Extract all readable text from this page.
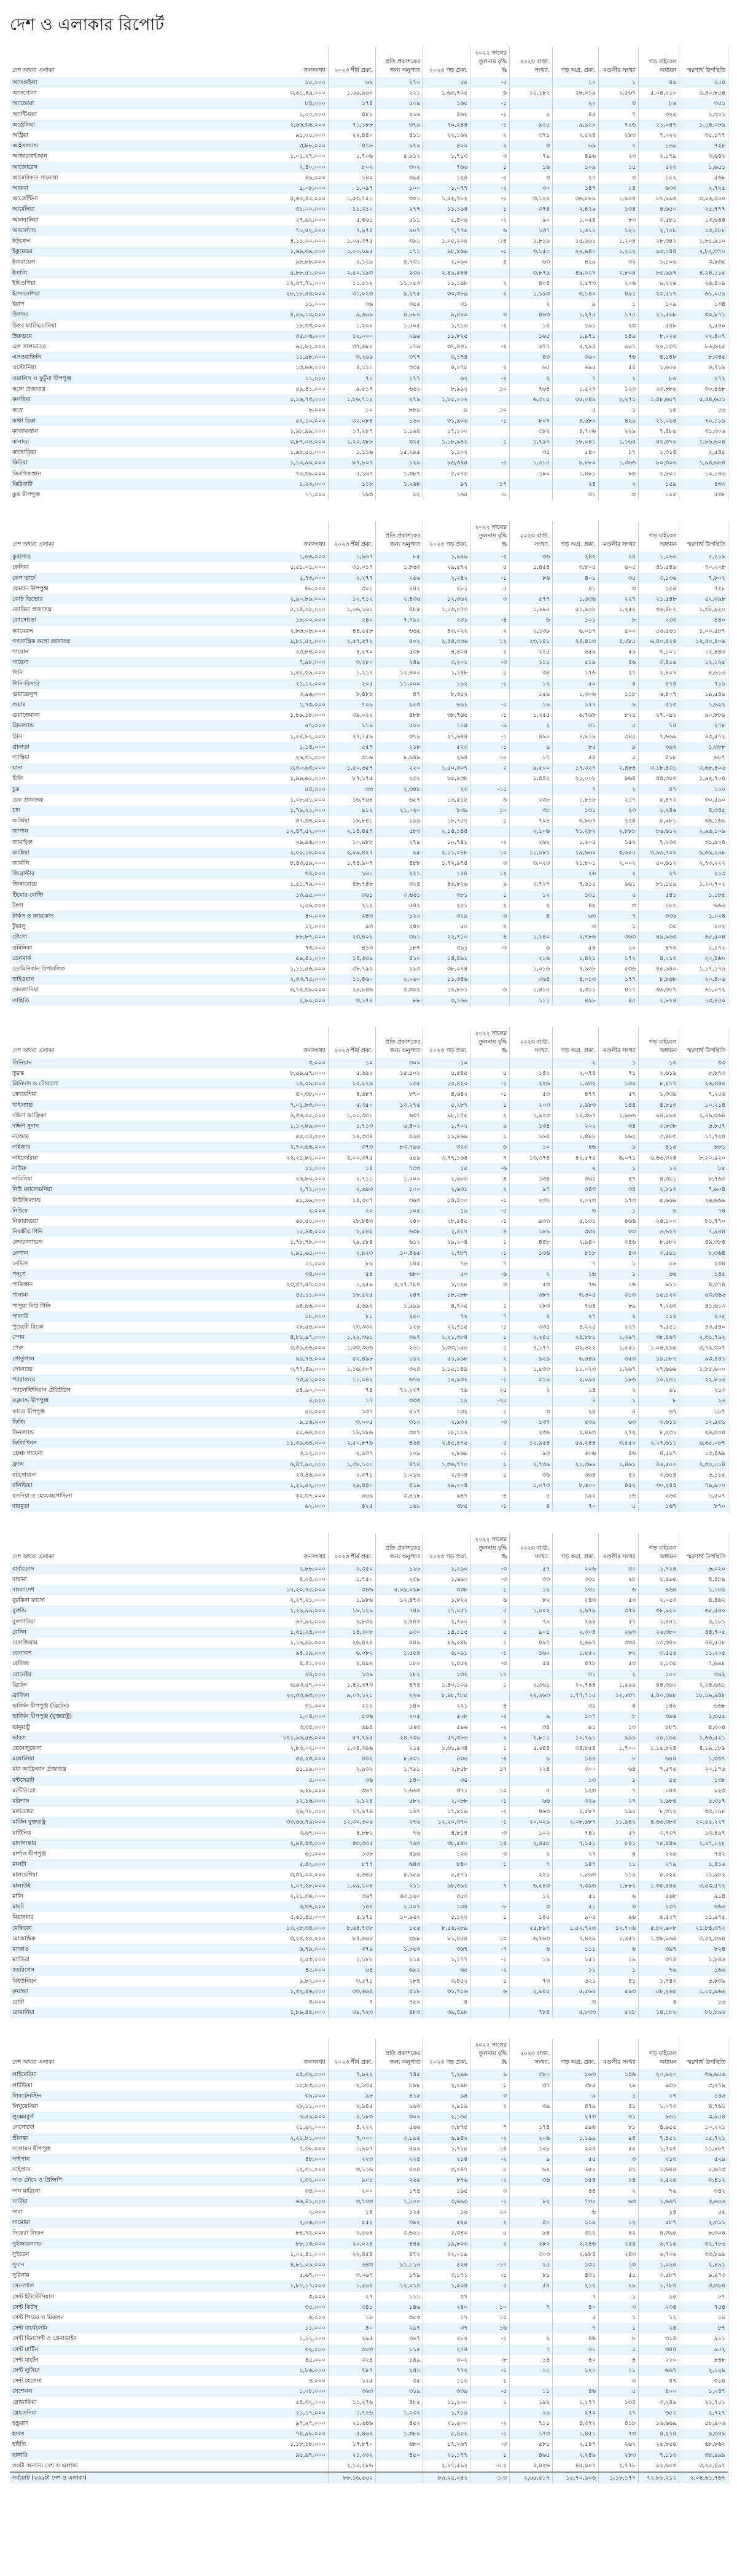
দেশ ও এলাকার রিপোর্ট
দেশ অথবা এলাকা	জনসংখ্যা	২০২৩ শীর্ষ প্রকা.	প্রতি প্রকাশকের জন্য অনুপাত	২০২৩ গড় প্রকা.	২০২২ সালের তুলনায় বৃদ্ধি %	২০২৩ বাপ্তা. সংখ্যা.	গড় অগ্র. প্রকা.	মণ্ডলীর সংখ্যা	গড় বাইবেল অধ্যয়ন	স্মরণার্থ উপস্থিতি
অ্যাংগুইলা	১৫,০০০	৬২	২৭০	৫৫	-৫		১০	১	৪৫	২৫৪
অ্যাংগোলা	৩,৬১,৪৯,০০০	১,৬৯,৯৬০	২২১	১,৬৩,৭০৫	৬	১২,১৮২	২৮,০১৯	২,৫৬৭	৫,০৪,২১০	৬,৪০,৮৫৪
অ্যান্ডোরা	৮৪,০০০	১৭৪	৫০৯	১৬৫	-১		২০	৩	৮৬	৩৫১
অ্যান্টিগুয়া	১,০০,০০০	৪৮১	২১৬	৪৬২	-১	৫	৪৫	৭	৩২৫	১,৩০১
অস্ট্রেলিয়া	২,৬৬,৩৬,০০০	৭১,১৮৮	৩৭৯	৭০,২৪৪	-১	৯২৫	৯,৯২০	৭২৬	২১,০৪৭	১,১৪,০৮৯
অস্ট্রিয়া	৯১,০৫,০০০	২২,৪৪০	৪১১	২২,১৬২	২	৩৭১	২,৫২৪	২৮৩	৭,০২২	৩৫,১৭৭
আইসল্যান্ড	৩,৮৮,০০০	৪১৮	৯৭০	৪০০	২	৩	৬৯	৭	১৬৯	৭২৮
আজারবাইজান	১,০১,২৭,০০০	১,৭০৬	৫,৯১২	১,৭১৩	৩	৭৯	৪৯৬	২৩	২,১৭৯	৩,৬৪২
আজোরেস	২,৪০,০০০	৮০২	৩০২	৭৬৬	১	১৬	১০৯	১৫	৫২৩	১,৬৫১
আমেরিকান সামোয়া	৪৯,০০০	১৪০	৩৯৫	১২৪	-৫	৩	২৭	৩	১৫২	৫৬৮
আরুবা	১,০৮,০০০	১,০৯৭	১০০	১,০৭৭	-২	৩০	১৪৭	১৪	৬৩৩	২,৭২৫
আর্জেন্টিনা	৪,৬০,৪৫,০০০	১,৫৩,৭৫১	৩০১	১,৫২,৭৮২	-১	৩,১২০	৩৬,৮৮৯	১,৯০৪	৮৭,৮৯৩	৩,০৬,৪০০
আর্মেনিয়া	৩১,০০,০০০	১১,৩১০	২৭৭	১১,১৯৪	১	৩৭৪	২,৪২৯	১৩৪	৪,৬৫০	২৫,৭৭৭
আলবানিয়া	২৭,৬২,০০০	৫,৪৬১	৫১১	৫,৪০৬	-২	৯০	১,০৫৪	৮৩	৩,৫৮১	১৩,৬৪৪
আয়ার্ল্যান্ড	৭০,৫২,০০০	৭,৯৭৪	৯০৭	৭,৭৭৫	৬	১৩৭	১,৬১০	১২১	২,৭০৮	১৩,৪৮৮
ইউক্রেন	৪,১১,০০,০০০	১,০৯,৩৭৫	৩৯১	১,০৫,২০৫	-১৪	১,৮১৯	১৫,৯৬১	১,২০৪	২৮,৩৪২	১,৮৫,৯১০
ইকুয়েডর	১,৬৯,৩৯,০০০	১,০০,১৯৫	১৭১	৯৮,৮৬৯	-১	৩,১৫০	২২,৯৪০	১,২১২	৯৩,০৪৪	২,৮২,৩৭০
ইজরায়েল	৯৮,৮৮,০০০	২,১২৯	৪,৭৩১	২,০৯০	৪	৬৩	৪২৯	৩২	১,১০৬	৩,৮৩৫
ইতালি	৫,৮৮,৫১,০০০	২,৫০,১৯৩	২৩৬	২,৪৯,৫৪৪		৩,৮৭৯	৪৯,০২৭	২,৮০৪	৮৫,৯৯৭	৪,২৪,১১৫
ইথিওপিয়া	১২,৩৭,৭১,০০০	১১,৫১২	১১,০৫৩	১১,১৯৮	২	৪০৪	২,৫৭৩	২০৬	৯,২২৬	২৬,৪০৯
ইন্দোনেশিয়া	২৮,১৮,৪৪,০০০	৩১,০২৩	৯,২৭৫	৩০,৩৮৯	২	১,১৯৩	৬,১৪০	৪৯১	২৩,৫১৭	৬১,০৫৯
ইয়াপ	১১,০০০	৩৬	৩৫৫	৩১		২	৯	১	১০৯	১৩৪
উগান্ডা	৪,৫৯,১০,০০০	৯,৬৬৯	৪,৮৮৪	৯,৪০০	৩	৪৬৩	১,২৭৫	১৭৫	২১,৫৯৮	৩০,৮৭১
উত্তর ম্যাসিডোনিয়া	১৮,৩৩,০০০	১,২০০	১,৫০৫	১,২১৬	-২	১৪	১৯১	২৩	৫৪৮	২,৫৪০
উরুগুয়ে	৩৫,০৬,০০০	১২,০০০	২৯৬	১১,৮২৫		১৬৫	১,৯৭১	১৪৯	৮,০২৬	২২,৪০৭
এল সালভাডর	৬৫,৮২,০০০	৩৭,৬৮০	১৭৬	৩৭,৪৩১	-২	৬৭৭	৫,২৯৪	৬০৭	২০,১৩৭	৮৬,৬২৫
এসওয়াতিনি	১১,৯৮,০০০	৩,২৬৯	৩৭৭	৩,১৭৪		৪৩	৩৬০	৭৬	৪,১৪৮	৮,৩৪৫
এস্টোনিয়া	১৩,৬৬,০০০	৪,১১০	৩৩৫	৪,০৭৫	২	৬৫	৬৯৫	৫৪	১,৬০৬	৬,৭১৯
ওয়ালিস ও ফুটুনা দ্বীপপুঞ্জ	১১,০০০	৭০	১৭৭	৬২	-২	২	৭	২	৮৬	২৭২
কঙ্গো প্রজাতন্ত্র	৫৯,৪১,০০০	৯,৫১৭	৬৬১	৮,৯৯২	১০	৭৬৪	১,৫২৭	১২৩	২৩,৮৮৫	৩০,৪৬৮
কলম্বিয়া	৫,১৬,৭৩,০০০	১,৮৬,৭১২	২৭৯	১,৮৫,০০২		৬,৩০৫	৩৫,০৪৯	২,২৭১	১,৪৮,৬৫৭	৫,৪৪,৬৫১
কস্রে	৮,০০০	১০	৮৮৯	৯	১০		৫	১	১৫	৫৬
কস্টা রিকা	৫২,১০,০০০	৩২,০৮৪	১৬০	৩১,৯০৬	-১	৮০৭	৪,৬৮০	৪২৯	২১,০৯৪	৭০,১১৯
কাজাকস্তান	১,৯৮,৯৯,০০০	১৭,২৮৭	১,১৬৪	১৭,১০০		৩৮২	৪,৭০৬	২২৯	৭,৪৮৫	৩১,৩০৬
কানাডা	৩,৮৭,০৪,০০০	১,২০,৩৮৮	৩২৫	১,১৮,৯৪২	১	১,৭৯৭	১৮,০৪১	১,১৬৪	৪২,৩৭০	১,৮৯,৬০৪
কাম্বোডিয়া	১,৬৮,৫৫,০০০	১,১১৬	১৫,২৯৫	১,১০২		৩৫	৫৪০	১৭	১,৩১৪	২,৫৪৫
কিউবা	১,১০,৯০,০০০	৮৭,৯০৭	১২৯	৮৬,৩৪৪	-৫	১,৬১৫	৮,৮৮০	১,৩৬৬	৮০,৩০৬	১,৯৪,৬৮৪
কিরগিজস্তান	৭০,৩৮,০০০	৫,১৬৭	১,৩৮৭	৫,০৭৩		১৮০	১,৪৮১	৮৬	২,৮০১	১০,১৪৬
কিরিবাটি	১,২৩,০০০	১১৮	১,২৬৮	৯৭	১৭		২৪	২	১৫৯	৪৩৩
কুক দ্বীপপুঞ্জ	১৭,০০০	১৯৩	৯২	১৬৪	-৮		৩১	৩	১০৫	৫৩৮
দেশ অথবা এলাকা	জনসংখ্যা	২০২৩ শীর্ষ প্রকা.	প্রতি প্রকাশকের জন্য অনুপাত	২০২৩ গড় প্রকা.	২০২২ সালের তুলনায় বৃদ্ধি %	২০২৩ বাপ্তা. সংখ্যা.	গড় অগ্র. প্রকা.	মণ্ডলীর সংখ্যা	গড় বাইবেল অধ্যয়ন	স্মরণার্থ উপস্থিতি
কুরাসাও	১,৬৬,০০০	১,৯৬৭	৮৫	১,৯৪৯	-২	৩৬	২৪২	২৪	১,০৬০	৫,২১৯
কেনিয়া	৫,৫১,০১,০০০	৩১,০১৭	১,৮৬৩	২৯,৫৭২	৫	১,৪৫৪	৩,৮০৫	৬০৫	৪১,৫৪৯	৭০,২২৮
কেপ ভার্দে	৫,৭৩,০০০	২,২৭৭	২৫৬	২,২৪২	-১	৮৬	৪০১	৩৫	৩,১৩৬	৭,৮০২
কেম্যান দ্বীপপুঞ্জ	৬৮,০০০	৩০১	২৪২	২৮১	৫		৪১	৩	১৫৪	৭২৮
কোট ডিভোর	২,৯০,৮৯,০০০	১২,৭১২	২,৪৩৬	১২,৩৬২	৩	৫৭৭	১,৬৩৬	২২৭	২১,৫৪৮	৫২,৩৯৮
কোরিয়া প্রজাতন্ত্র	৫,১৪,০৮,০০০	১,০৬,১৬১	৪৮৫	১,০৬,০৭৩		১,৬৯৫	৫১,৯০৮	১,২৫২	৩৬,৪৮২	১,৩৮,৯২০
কোসোভো	১৮,০০,০০০	২৪০	৭,৭৯২	২৩১	-৪	৬	১০১	৮	২৩৩	৪৪০
ক্যামেরুন	২,৮৬,০৮,০০০	৪৪,৫৫৮	৬৬৫	৪৩,০২২	২	২,১৩৯	৬,০১৭	৫০০	৫৬,৫৬১	১,০০,৫৮৭
গণতান্ত্রিক কঙ্গো প্রজাতন্ত্র	৯,৮১,৫২,০০০	২,৫৭,৬৭২	৪০২	২,৪৪,৩৩৬	১২	২৩,১৪১	২৪,৪১৩	৪,৩৮৫	৬,৪০,৪২৪	১২,৪০,৪০৯
গাবোন	২৩,৮৪,০০০	৪,৫৭০	৫৩৮	৪,৪০৪	২	২২৫	৬৫৯	৫৯	৭,১০১	১২,৪৪৬
গায়েনা	৭,৯৮,০০০	৩,২৮০	২৪৯	৩,২০১	-৩	১১১	৫১৯	৪৬	৩,৪৫৫	১২,১২৫
গিনি	১,৪২,৩৯,০০০	১,২১৭	১২,৪০০	১,১৪৮	৫	৩৪	১৭৬	২৭	২,৪০৭	৪,৬১৬
গিনি-বিসাউ	২১,১২,০০০	২০৫	১১,০০০	১৯২	-১	১২	৫০	৪	৪৭৪	৭১৯
গুয়াডেলুপ	৩,৯৬,০০০	৮,৪৮৮	৪৭	৮,৩৫২		১৫৯	১,৩০৬	১১৮	৬,৪০৭	১৯,৫৪৯
গুয়াম	১,৭৩,০০০	৭০৯	২৫৩	৬৯২	-৫	১৯	১৭৭	৯	৫১৩	১,৬২২
গুয়াতেমালা	১,৮৯,১৮,০০০	৩৯,০২২	৪৮৮	৩৮,৭৬৫	-১	১,২৫৫	৬,৭৬৮	৮২৫	২৭,০৯১	৯০,৮৮৯
গ্রিনল্যান্ড	৫৭,০০০	১১৯	৫০০	১১৪	-৯	২	৩১	৫	৭৪	২৭৮
গ্রিস	১,০৪,৮২,০০০	২৭,৭৫৯	৩৭৯	২৭,৬৪৪	-১	৪৯০	৪,৮১৯	৩৪৫	৭,৬৬৯	৪৩,৫৭২
গ্রানাডা	১,১৪,০০০	৫৫৭	২১৮	৫২৩	-১	৯	৮৫	৯	৩৯৩	১,৩৮৮
গ্যাম্বিয়া	২৬,৩১,০০০	৩১৬	৮,৯৪৯	২৯৪	১০	১৭	৫৪	৫	৪১৮	৬৮৭
ঘানা	৩,৩০,৬৩,০০০	১,৫০,৬৫৭	২২০	১,৫০,৩০৭	২	৯,৫০০	১৭,৩২৭	২,৪৮৪	৩,১৮,৪৩১	৩,৬৮,৪০৬
চিলি	১,৯৯,৬১,০০০	৮৭,১৭৫	২৩২	৮৫,৯৩৮		১,৪৪২	২১,০০৮	৯৬৪	৪৪,৩৫৩	১,৯২,৭০৪
চুক	৫৪,০০০	৩৩	২,৩৪৮	২৩	-১৫		৭	২	৪৭	১০০
চেক প্রজাতন্ত্র	১,০৮,৫১,০০০	১৬,৭৬৪	৬৫৭	১৬,৫১৫	৬	২৩৮	১,৮১৮	২১৭	৫,৪৭২	৩০,৫৯০
চাদ	১,৭৯,২১,০০০	৯১২	২১,০৬০	৮৩৯	১০	৩৮	১৩১	২৩	১,২৪৬	৪,৩৪৫
জর্জিয়া	৩৭,৩৬,০০০	১৮,৮৪১	১৯৯	১৮,৭৫২	১	৭০৪	৩,৮৬৭	২২৪	৫,০৮১	৩৪,১৬৯
জাপান	১২,৪৭,৫২,০০০	২,১৪,৪৫৭	৫৮৩	২,১৪,১৪৪		২,১০৬	৭১,২৮২	২,৮৮৮	৮৬,৬১২	২,৯৬,১০৯
জামাইকা	২৯,৯৬,০০০	১০,৯৮৮	২৭৯	১০,৭৪১	-২	২৬২	১,৫০৫	১৫২	৭,২৩৩	৩১,৯২৪
জাম্বিয়া	২,০০,১৮,০০০	২,০৯,৪২৭	৯৫	২,১১,০৪৮	১০	১১,০৮১	১৯,৯৬০	৩,৬০৫	৩,৯৬,৭০০	৯,৬৯,২৯৮
জার্মানি	৮,৪৩,৫৯,০০০	১,৭৪,৯০৭	৪৮৮	১,৭২,৯৭৪	৩	৩,০২৩	২১,৮০১	২,০০২	৫০,৬১২	২,৭৩,২২২
জিব্রাল্টার	৩৪,০০০	১৬১	২২১	১৫৪	১২		২৬	২	২৭	২১৩
জিম্বাবোয়ে	১,৫১,৭৯,০০০	৪৮,৭৪৮	৩২৪	৪৬,৮২৬	৯	২,৭২৭	৭,৬১৫	৯৬১	৮১,১৫৯	১,২০,৭০২
টিমোর-লেস্টি	১৩,৯৫,০০০	৩৬১	৩,৬৬১	৩৮১	১	১২	১৩১	৫	৫৪১	১,১৮৫
টংগা	১,০৯,০০০	২১২	৫৪২	২০১	২	২	৪২	৩	১৮০	৬৬৬
টার্কস ও কায়কোস	৪০,০০০	৩৪৩	১২২	৩২৯	৩	৪	৬৩	৭	৩৩৬	১,০২৪
টুভালু	১২,০০০	৯৩	২৪০	৫০	২		৩	১	৩৫	২০২
টোগো	৮৮,৮৭,০০০	২৩,৪০২	৩৯১	২২,৭১০	৪	১,১৪০	২,৭৮৬	৩৬৩	৪৯,৯৬৩	৬৫,৫০৪
ডমিনিকা	৭৩,০০০	৪১৩	১৮৭	৩৯১	-৩	৬	৫৪	১০	৪৭৩	১,২৭২
ডেনমার্ক	৫৯,৪১,০০০	১৪,৬৩৯	৪১০	১৪,৪৯১		২১৬	১,৪২১	১৭২	৪,০১৩	২০,৪৬০
ডোমিনিকান রিপাবলিক	১,১১,৫৬,০০০	৩৮,৭৯২	২৯৩	৩৮,০৭৪		১,০১৬	৭,৯৩৮	৫৩৬	৪৫,৯৪০	১,১৭,১৭৬
তাইওয়ান	২,৩৩,৭৫,০০০	১১,৪৬০	২,০৬০	১১,৩৪৬		৩৬৪	৪,০১৩	১৭৭	৮,৮৬৮	২০,৪০৬
তানজানিয়া	৬,৭৪,৩৮,০০০	২০,৮৪৬	৩,৩৯২	১৯,৮৮১	৬	১,৪১৫	২,৩১১	৪১৭	৩৬,৩৫৭	৬১,০৭২
তাহিতি	২,৮০,০০০	৩,১৭৪	৮৮	৩,১৬৬		১১১	৪৯৮	৪৫	২,৮৭৪	১৩,৪৫০
দেশ অথবা এলাকা	জনসংখ্যা	২০২৩ শীর্ষ প্রকা.	প্রতি প্রকাশকের জন্য অনুপাত	২০২৩ গড় প্রকা.	২০২২ সালের তুলনায় বৃদ্ধি %	২০২৩ বাপ্তা. সংখ্যা.	গড় অগ্র. প্রকা.	মণ্ডলীর সংখ্যা	গড় বাইবেল অধ্যয়ন	স্মরণার্থ উপস্থিতি
তিনিয়ান	৩,০০০	১০	৩০০	১০			২	১	১৩	৩৩
তুরস্ক	৮,৫৯,৫৭,০০০	৫,৬৯২	১৫,৫০২	৫,৫৪৫	৫	১৪২	২,০৭৪	৭১	২,৬১৯	৮,৮৭৩
ত্রিনিদাদ ও টোবাগো	১৪,০৯,০০০	১০,৫২৯	১৩৫	১০,৪২০	-১	২২৬	১,৬৩২	১৩০	৮,২৭৭	২৬,৩৪০
ক্রোয়েশিয়া	৪০,৩৮,০০০	৪,৬৮৭	৮৭০	৪,৬৪২	-১	৫৩	৪৭৭	৫৭	১,৩৩৯	৭,২৫৬
থাইল্যান্ড	৭,০১,৮৩,০০০	৫,৩৫০	১৩,২৭৫	৫,২৮৭	১	২০৩	১,৯৮৩	১৪৪	৪,৮১৩	১০,২১৪
দক্ষিণ আফ্রিকা	৬,৩৬,০৫,০০০	১,০০,৩৩১	৬৩৭	৯৮,১৭৫	২	১,৯২৩	১৪,৩৬৭	১,৯৬৬	৯৪,৮৯৩	২,৪৯,৩৬৪
দক্ষিণ সুদান	১,১০,৮৯,০০০	১,৭১৩	৬,৪০২	১,৭০২	৯	১৩৪	২০২	৩৪	৩,৮৩৮	৬,৮৫৭
নরওয়ে	৫৫,০৪,০০০	১২,৩৩৪	৪৬৪	১১,৮৬৯	১	১৬৪	১,৪৮৮	১৬২	৩,৪৮৩	১৭,৭২৪
নাইজার	২,৭০,৬৬,০০০	৩৭৩	৮৩,৭৯৬	৩২৩	৬	১০	৪৬	৯	৪১৫	৮৮১
নাইজেরিয়া	২২,২১,৮২,০০০	৪,০০,৩৭৫	৫৫৯	৩,৭৭,১৬৪	৭	১৩,৩৭৪	৪২,৫৭৫	৬,০৭১	৬,৬৬,৩২৪	৮,২০,৯২০
নাউরু	১১,০০০	১৪	৭৩৩	১৫	-৬		২	১	১২	৮৫
নামিবিয়া	২৬,৮০,০০০	২,৭১১	১,০০০	২,৬০৩	৪	১৩৪	৩৬২	৪৭	৪,৩৯১	৮,৭৬৩
নিউ ক্যালেডনিয়া	২,৭১,০০০	২,৬৯৩	১০০	২,৬৩১	২	৯৭	৩৪৩	৩৪	২,৮১৩	৭,৬০৪
নিউজিল্যান্ড	৫১,৯৯,০০০	১৪,৩০৭	৩৬৩	১৪,৪০০	-১	২৩৮	২,০২৩	১৭৩	৫,৬৬৯	২৬,৬৬৯
নিউয়ে	২,০০০	২০	১০৫	১৯	-৫		৩	১	৬	৭৪
নিকারাগুয়া	৬৮,৫৫,০০০	২৮,৮৪৩	২৪০	২৮,৫৪৫	-১	৯৩৩	৫,১৩১	৪৬৬	২৪,১০০	৮১,৭৭০
নিরক্ষীয় গিনি	১৫,৪৩,০০০	২,৫৪২	৬৩৮	২,৪১৭	৪	১৮৯	৩৩৪	৩৩	৬,৬২৭	৭,৯৪৪
নেদারল্যান্ডস	১,৭৮,৭৮,০০০	২৯,৫৮৪	৬১২	২৯,২০৪	১	৪৪৮	২,৯৪০	৩৪৬	৮,৯৮২	৪৯,৩৮৪
নেপাল	২,৯১,৬৫,০০০	২,৮২৩	১০,৪৬৫	২,৭৮৭	-১	১৩৬	৮১৮	৪৩	৩,৫৯১	৮,৩৬৪
নেভিস	১১,০০০	৮৯	১৪৫	৭৬	৭		৭	১	৫৬	২৩৪
পন্‌পে	৩৪,০০০	৫৪	৬৮০	৫০	-৬	২	১৬	১	৬৬	১৪৫
পাকিস্তান	২৩,৩৭,৫৭,০০০	১,২৫৯	২,০৭,৭৮৪	১,১২৫	৩	৫৩	৭৬	১৬	৯১১	৪,৩৭৪
পানামা	৪৫,১১,০০০	১৮,৫২৫	২৪৭	১৮,২৮৮		৬৮৭	৩,৬০৫	৩১৩	১৫,১২৩	৫৩,৩৬৬
পাপুয়া নিউ গিনি	৯৪,৬৬,০০০	৫,৬৯২	১,৯৯৯	৪,৭০৫	১	২৮৩	৭৬৪	৮৯	৭,২৬৩	৪১,৬১৩
পালাউ	১৮,০০০	৮১	২৫০	৭২	৭	২	২৭	২	১১২	২০৫
পুয়ের্টো রিকো	২৮,৫৪,০০০	২৩,৩৩২	১২৬	২২,৭১৫	-১	৩৩৫	৪,২২৫	২২৭	৭,৫৫১	৪৩,৫৪০
স্পেন	৪,৮১,৯৭,০০০	১,২২,৩৬১	৩৯৭	১,২১,৩৮৪	১	২,২৪৫	২৪,৮৮১	১,৩৯৭	৩৮,৪৬৭	২,৩১,৭৯২
পেরু	৩,৩৯,৬৬,০০০	১,৩৩,৩৬৬	২৬১	১,৩৩,১৫৬	১	৪,১৭৭	৩২,৬২২	১,৫৫১	১,০৪,২৯৫	৩,৭২,৩০৭
পোর্তুগাল	৯৯,৭৪,০০০	৫২,৪৯৮	১৯২	৫১,৯৯৮	২	৯২৯	৬,৬৪৯	৬৫৩	১৯,১৮২	৯৩,৪৪১
পোল্যান্ড	৩,৭৭,৪৯,০০০	১,১৬,৩০৭	৩২৪	১,১৫,১৪৯	২	১,৫৩৩	১১,০২৩	১,২৬৭	২৭,৬৬৬	১,৮৫,৬০০
প্যারাগুয়ে	৭৩,৯১,০০০	১১,০৪২	৬৭৬	১০,৯৩২	-১	৩১৯	২,০৯৪	১৮৬	১০,২৬১	২২,৮১৬
প্যালেস্টিনিয়ান টেরিটরিস	৫৪,৯০,০০০	৭৪	৭২,২৩৭	৭৬	২৫	২	১৪	২	৬১	২১৩
ফক্ল্যান্ড দ্বীপপুঞ্জ	৪,০০০	১৭	৩৩৩	১২	-২৫		৪	১	৮	১৬
ফারো দ্বীপপুঞ্জ	৫৫,০০০	১৩৭	৪১৭	১৩২	১	৩	২৪	৪	৬৭	১৮৭
ফিজি	৯,১৬,০০০	৩,০০৫	৩১২	২,৯৩২	-৩	১৩৭	৫৩৯	৬৩	৩,৬১১	১২,৯৩১
ফিনল্যান্ড	৫৫,৬৪,০০০	১৮,১৮৬	৩০৭	১৮,১১২		২৩৯	২,৪৯৩	২৭২	৮,২৩১	২৬,৩০৪
ফিলিপিনস	১১,৩৯,৬৪,০০০	২,৫০,৮৭৬	৪৬৪	২,৪৫,৪৭৫	৫	১২,৯৫৪	৫৯,২৪৪	৩,৫৫২	২,২৭,৬১১	৬,৬৫,০৮৭
ফ্রেঞ্চ গায়েনা	৩,১২,০০০	২,৯৩৭	১০৯	২,৮৬৯	-১	৯৩	৬০৬	৪৬	৪,৫৯৭	১৩,৪৬৯
ফ্রান্স	৬,৪৭,৯০,০০০	১,৩৮,১০০	৪৭৪	১,৩৬,৭৭০	১	২,৭৩৯	২১,৩৬৯	১,৪৬১	৪৬,৫০০	২,৩০,০১৪
বটসোয়ানা	২৩,৪৬,০০০	২,৩৭১	১,০১৬	২,৩০৪	১	৩৬	৩৬৪	৪২	৩,৬৫৪	৬,১১৫
বলিভিয়া	১,২১,৫২,০০০	২৯,৪৪০	৪১৯	২৯,০০৪		১,০৭৩	৮,৬০০	৪৫২	৩০,২৪৪	৭৯,৯০০
বসনিয়া ও হেরজেগোভিনা	৩২,৩৭,০০০	৯৬৯	৩,৪১৮	৯৪৭	-৪	৫	১৯২	১৬	২৬৩	১,৫০৭
বারমুডা	৬২,০০০	৪২৫	১৬১	৩৮৫	-১	৪	৭০	৫	১৬৭	৮৭০
দেশ অথবা এলাকা	জনসংখ্যা	২০২৩ শীর্ষ প্রকা.	প্রতি প্রকাশকের জন্য অনুপাত	২০২৩ গড় প্রকা.	২০২২ সালের তুলনায় বৃদ্ধি %	২০২৩ বাপ্তা. সংখ্যা.	গড় অগ্র. প্রকা.	মণ্ডলীর সংখ্যা	গড় বাইবেল অধ্যয়ন	স্মরণার্থ উপস্থিতি
বার্বাডোস	২,৮৮,০০০	২,৩৫০	১২৬	২,২৯০	-৩	৫৭	২০৬	৩০	১,৭২৪	৬,০২০
বাহামা	৪,০৪,০০০	১,৭৫০	২৩৯	১,৬৯০	-৩	৩৩	৩৩১	২৮	১,৫৯৫	৪,৪৮৯
বাংলাদেশ	১৭,২০,৭৫,০০০	৩৪৬	৫,০৯,০৯৮	৩৩৮	১	১২	১৩১	৬	৪৬৪	১,১৮৯
বুরকিনা ফাসো	২,২৭,২১,০০০	১,৯৮৬	১২,৪৭৩	১,৮২২	৬	৮২	২৪৩	৫৩	২,০৫৩	৪,৪৬২
বুরুন্ডি	১,২৯,৯৯,০০০	১৮,১২৯	৭৪৯	১৭,০৫১	৫	১,০০২	২,৯৭৯	৩৭৪	৩৮,৯২০	৬৫,৫৪০
বুলগারিয়া	৬৭,৯২,০০০	২,৮৩২	২,৪৪৩	২,৭৮০	৪	৭৯	৭৯৪	৫৭	১,৪৪১	৬,১৮১
বেনিন	১,৩১,২৪,০০০	১৪,৩০৮	৯৩০	১৪,১১৫	৫	৯০১	২,৩০৪	২৬৩	২৬,৩৮০	৪৪,৭০৫
বেলজিয়াম	১,১৬,৯৮,০০০	২৬,৪২৪	৪৪৯	২৬,০৪৮	১	৪৯৭	২,৬৯৭	৩৩৪	১৩,৩৪০	৪৪,৫৫৮
বেলারুশ	৯৪,১৯,০০০	৬,০৮২	১,৫৫৪	৬,০৯১	-১	১৬০	১,৫৫২	৮২	৩,৫৫৬	১১,২০৫
বেলিজ	৪,৪১,০০০	২,৪৯২	১৮০	২,৪৫২	-৩	৫৪	৪৭৮	৫৩	২,১৩৫	৭,৬৯৮
বোনেইর	২৪,০০০	১৩৯	১৮২	১৩২	১০		৩১	২	১০০	৩৯২
ব্রিটেন	৬,৬৩,৫৭,০০০	১,৪২,৩৭৩	৪৭৪	১,৪০,১০৯	১	২,৩৬১	২০,৭৪৪	১,৫৯৯	৪৪,৩৬২	২,২৪,৬৬১
ব্রাজিল	২০,৩৩,৬৩,০০০	৯,০৭,১২১	২২৬	৮,৯৮,৭৮৫		২২,৬৬৩	১,৭৭,৭১৫	১২,৬৩৭	৫,৪০,৩৯৮	১৮,১৯,৯৪৮
ভার্জিন দ্বীপপুঞ্জ (ব্রিটেন)	৩১,০০০	২২২	১৪০	২২১	৪		৩২	৪	১৪৬	৬৬৮
ভার্জিন দ্বীপপুঞ্জ (যুক্তরাষ্ট্র)	১,০৪,০০০	৫৩৬	২০৫	৫০৮	-২	৯	১০৭	৮	৩৯৬	১,৩৫৫
ভানুয়াটু	৩,৩৪,০০০	৬৯৪	৫৬৩	৫৯৬	-২	৩৪	৯১	১৩	৮৮৭	৪,৩০৪
ভারত	১৪১,৯৬,৫৬,০০০	৫৭,৭৯৫	২৪,৭৩৯	৫৭,৩৮৬	২	২,৮১১	১০,৭৯১	৯৯৯	৫৫,১৯৫	১,৬৬,৫২১
ভেনেজুয়েলা	২,৮৩,০২,০০০	১,৩৪,৩৯৬	২১৫	১,৩১,৯৩৪	১	৫,৬৪৪	৩৪,৮৫৪	১,৭০০	১,১৫,৮২৪	৪,১৯,১৮৯
মঙ্গোলিয়া	৩৪,২৩,০০০	৪৩২	৮,৪৩১	৪৩৬	-৪	৯	১৪৪	৮	৬৪৪	১,৩৩৭
মধ্য আফ্রিকান প্রজাতন্ত্র	৫১,১৯,০০০	২,৯৩২	১,৭৯১	২,৮৫৮	১৭	২২৪	৩০০	৬৪	৭,৫৭৫	২০,১৭৬
মন্টসেরাট	৫,০০০	৩৬	১৪০	৩৫			১৩	১	৫৫	১৩৮
মন্টেনিগ্রো	৬,২৮,০০০	৩৬৭	১,৬৬৩	৩৭১	১০	৫	১২৩	৭	১৪৩	৮২৩
মরিশাস	১২,১৬,০০০	২,১২৪	৫৮২	২,০৮৮	-১	৬৬	৩২৯	২৭	১,৯৮৪	৫,৩১৭
মলডোভা	২৯,৭৮,০০০	১৭,৯৭৯	১৬৭	১৭,৮১৬	-২	৪৬৩	২,৫৮৭	১৯৫	৮,৩৭২	৩৩,১৯৮
মার্কিন যুক্তরাষ্ট্র	৩৩,৬৬,৭৯,০০০	১২,৩০,৬০৯	২৭৬	১২,২০,৩৭০	-১	২০,০২৯	২,০৮,৯৮৭	১১,৯৪২	৪,৬৬,৩৮৩	২০,৫৫,২২৭
মার্টিনিক	৩,৬৭,০০০	৪,৮৮২	৭৬	৪,৮১৪	-৩	১০২	৭৪১	৫৭	৩,৭৩৭	১৩,৪৯৭
মাদাগাস্কার	২,৯৪,৪৩,০০০	৪৩,৩৩৫	৭৬৩	৩৮,৫৪০	১৪	২,৪৫৮	৭,১৫১	৮৪১	৭৫,৪৪৬	১,৫৭,১২৮
মার্শাল দ্বীপপুঞ্জ	৬১,০০০	১৩৮	৪৯৬	১২৩	৩	২	২৭	৪	২২৫	৭৪২
মালটা	৫,৪২,০০০	৮৭৭	৬৪৩	৮৪০	১	৭	১৪৭	১১	২৭৯	১,৪১৬
মালয়েশিয়া	৩,৩২,০০,০০০	৫,৬৪৫	৫,৯৫৯	৫,৫৭১		২২১	১,৫৬৩	১১৯	৫,০২৫	১১,৯৮২
মালাউই	২,০৭,২৮,০০০	১,০৯,১০৪	২১১	৯৮,৩৯২	৭	৬,৫৪৩	৭,৩৯৬	১,৮৮২	১,৩৫,৪৪৫	৩,৫৩,৫৭২
মালি	২,২১,৩৬,০০০	৩৬৭	৬৩,১৬০	৩৫৩		১২	৫১	৬	৫৬৮	৯১৪
মায়ট	৩,৩৬,০০০	১৪৪	২,৫০৭	১৩৪	-৮	৩	৫১	৩	২৩৭	৩৬৬
মিয়ানমার	৫,৬১,৪৫,০০০	৫,১৭১	১০,৯৬২	৫,১২২	১	১৪৫	৯০৫	৯৬	৫,৫২৭	১১,৯৭৫
মেক্সিকো	১৩,২৮,৩৪,০০০	৮,৬৪,৭৩৮	১৫৫	৮,৫৬,২৮৯		২৫,৮৯৭	১,৫২,৭২৩	১২,৭০৬	৫,৮২,৯০৮	২১,৮৪,৩৭২
মোজাম্বিক	৩,২৪,২০,০০০	৮৭,৬৬৮	৩৯৮	৮১,৪৫৪	১০	৬,৭৬৩	৭,৯২৯	১,৬৫১	১,৩৯,৮৬৪	৩,৫২,৩৯৪
ম্যাকাও	৬,৭৯,০০০	৩৭৯	১,৮৫৩	৩৬৭	-৭	৬	১১১	৬	৩৯৭	৮২৪
ম্যাডিরা	২,৫৩,০০০	১,১৮৮	২১৫	১,১৭৭	-১	১৯	১৫১	১৯	৩৭৪	১,৮৪৬
রডরিগেস	৪৫,০০০	৬৪	৬৯২	৬৫	-২		১১	১	৭৬	১৬৬
রিইউনিয়ন	৯,৮২,০০০	৩,৫৭১	২৮৪	৩,৪৫২	১	৭৩	৬২১	৪১	১,৭৪৩	৬,৮৩৯
রুয়ান্ডা	১,৩২,৪৬,০০০	৩৩,৬৬৪	৪১৮	৩১,৭১৬	৬	২,৯৪৫	৫,৫৬৫	৫৯৩	৫৮,২৬৫	১,০৫,৯৬৬
রোটা	৩,০০০	৭	৭৫০	৪			৩		৪	১৬
রোমানিয়া	১,৮৯,৪৪,০০০	৩৯,৭২৩	৪৮৩	৩৯,৪৯৮		৭৮৪	৫,৮৩৩	৫২৮	১৪,১৮২	৮১,৮৯৬
দেশ অথবা এলাকা	জনসংখ্যা	২০২৩ শীর্ষ প্রকা.	প্রতি প্রকাশকের জন্য অনুপাত	২০২৩ গড় প্রকা.	২০২২ সালের তুলনায় বৃদ্ধি %	২০২৩ বাপ্তা. সংখ্যা.	গড় অগ্র. প্রকা.	মণ্ডলীর সংখ্যা	গড় বাইবেল অধ্যয়ন	স্মরণার্থ উপস্থিতি
লাইবেরিয়া	৫৪,৩২,০০০	৭,৯২২	৭৪৫	৭,২৯৬	৯	৩৮০	৮৬৩	১৪৬	২০,৯২০	৩৯,৬৫৬
লাটভিয়া	১৮,৮৩,০০০	২,১৩৫	৮৯৮	২,০৯৮	১	৩৭	৩৮৫	২৯	৯৩১	৩,২৭৯
লিকটেনস্টিন	৩৯,০০০	৯৮	৪১৫	৯৪	৩		৯	১	২৭	১৪৬
লিথুয়েনিয়া	২৮,১১,০০০	২,৯৪৫	৯৬৩	২,৯১৯	২	৩৯	৪৭৯	৪১	১,০৭৩	৪,৭৬১
লুক্সেমবুর্গ	৬,৪৯,০০০	২,১৮৩	৩০০	২,১৬৫			২৭৩	৩১	৮৬১	৩,৯৫৪
লেসোথো	২১,৯২,০০০	৪,২২২	৫৬৬	৩,৮৭৫	৭	১৭৪	৫৯৬	৮১	৪,৯৫৫	১০,২২১
শ্রীলঙ্কা	২,২১,৮১,০০০	৭,০০০	৩,১৯৫	৬,৯৪২	-২	২০৬	১,১৯৯	৯৪	৭,৪৫১	১৫,৭২১
সলোমন দ্বীপপুঞ্জ	৭,৩৮,০০০	১,৯০৭	৪০০	১,৭১৫	১৪	১০৮	২০৪	৫০	১,৭০৩	১১,৮৮৭
সাইপান	৪৮,০০০	২২৩	২২৪	২১৪	-২	৯	৫৫	৩	২১৩	৫২৯
সাইপ্রাস	১২,৩১,০০০	৩,১১৬	৪০৪	৩,০৪৭	৫	৬২	৬৫০	৪১	১,৬৪৪	৫,৬৭৩
সাও টোমে ও প্রিন্সিপি	২,৩২,০০০	৯০১	২৬৫	৮৭৬	-২	৩৬	১৫৪	১৪	২,৫২৫	৩,৪১২
সান মারিনো	৩৪,০০০	২০০	১৭৪	১৯৫	৩		৪৪	২	৭৬	৩৪২
সার্বিয়া	৬৬,৪১,০০০	৩,৭৩৩	১,৮০০	৩,৬৯৩	-১	৮২	৭৩০	৬৩	১,৬৬৭	৬,৬০৬
সাবা	২,০০০	১৪	১২৫	১৬	২০		৬		১৪	৫৫
সামোয়া	২,০৬,০০০	৫৫২	৩৯২	৫২৫	২	৪০	১১৯	১২	৫৮৭	২,৩১১
সিয়েরা লিওন	৮৪,৭২,০০০	২,৫৬৪	৩,৬২১	২,৩৪০	৫	৯৪	৩১২	৪২	৪,৩৯৫	৮,৩০৪
সুইজারল্যান্ড	৮৮,১৩,০০০	২০,০২৪	৪৪৫	১৯,৮০৩	২	২৮২	২,২৪৬	২৫৪	৬,৭১৫	৩২,৭৮৬
সুইডেন	১,০৫,৪১,০০০	২২,৪৫৪	৪৭২	২২,০১৯		৩০৩	২,৯৮৪	২৪৩	৬,৭০৬	৩৩,৮৯৯
সুদান	৪,৮১,০৯,০০০	৬৪৩	৯১,১১৬	৫২৪	-১৭	২৫	১৩২	১৩	১,০৯৪	২,৪৯১
সুরিনাম	৫,৬৭,০০০	৩,০৬৭	১৭৯	৩,১৭১	-১	৮১	৪৩১	৫৫	৩,৫৮৭	৯,৯৭৩
সেনেগাল	১,৮১,১৭,০০০	১,৫৬৪	১২,০১৪	১,৫০৪	৫	৫৪	২১২	২৯	১,৭৮৪	৩,৩৮৪
সেন্ট ইউস্টেসিয়াস	৩,০০০	২৭	১১১	২৭			৭	১	২৫	৮৭
সেন্ট কিটস্	৩৫,০০০	৩৪১	১৪৬	২৪০	১০	৭	৪০	৩	২৩৪	৭৫৪
সেন্ট পিয়ের ও মিকলন	৬,০০০	১৮	৩৫৩	১৭	১০		৫	১	১২	১৯
সেন্ট বার্থেলেমি	১১,০০০	৪০	২৯৭	৩৭	১৬		৭	১	২৪	৮৭
সেন্ট ভিনসেন্ট ও গ্রেনাডাইন	১,১২,০০০	২৯৫	৩৯৭	২৮২	-১	২	৪৬	৮	৩১৪	৯১১
সেন্ট মার্টিন	৩২,০০০	৩০৩	১১৫	২৭৪		৭	৩১	৫	৩৪৪	৯৫২
সেন্ট মার্টেন	৪৫,০০০	৩২৪	১৪৯	৩০২	-৮	১৪	৪০	৪	২২০	৮৪৮
সেন্ট লুসিয়া	১,৮৬,০০০	৭৮৭	২৪১	৭৭২	-১	১০	১২০	১১	৬৬৭	২,১২৯
সেন্ট হেলেনা	৪,০০০	১২৫	৩৫	১১৩	১			৩	৪৭	৩১৪
সেশেলস	১,০৮,০০০	৩৬৩	৩১৯	৩৩৯	-৫	১১	৪৬	৫	৪০০	১,০৪৭
স্লোভাকিয়া	৫৪,৩২,০০০	১১,২৭৬	৪৮৫	১১,২০০	১	১৯২	১,১৭৭	১৩৪	৩,২৪৯	২১,৭৫১
স্লোভেনিয়া	২১,১৭,০০০	১,৭২৬	১,২৩২	১,৭১৯		২৯	২৭০	২৭	৬৫২	২,৭২৭
হন্ডুরাস	৯৭,২৭,০০০	২১,৬৪৬	৪৫২	২১,৫০০	-২	৭১১	৪,৩৭২	৪১৮	১৬,৬৬৯	৫৮,৯০৬
হংকং	৭৪,৯৮,০০০	৫,৪৬৪	১,৩৮০	৫,৪০২	-১	১৭৩	১,৪৫১	৭৩	৪,২৭৪	৯,৩৪৯
হাইতি	১,১৮,১৮,০০০	১৭,৮৭০	৬৮০	১৭,২৬৭	-৩	৫৮১	২,৫৪৭	২৬২	২৫,৮৫৫	৬৮,৮৬২
হাঙ্গারি	৯৫,৯৭,০০০	২১,৩৩২	৪৫০	২১,১৭৭	১	৪৬৫	২,২৪৯	২৮৩	৭,১১৩	৩৮,৯৯৯
৩৩টা অন্যান্য দেশ ও এলাকা		২,১০,২৮৬		২,০৭,৫৯২	-০.২	৪,৪২৬	৪৫,৯০৭	২,৭৭৮	৯২,৬০৩	৩,২৫,৪৯৭
সর্বমোট (২৩৯টা দেশ ও এলাকা)		৮৮,১৬,৫৬২		৮৬,২৫,০৪২	১.৩	২,৬৯,৫১৭	১৫,৭০,৯০৬	১,১৮,১৭৭	৭২,৮১,২১২	২,০৪,৬১,৭৬৭
